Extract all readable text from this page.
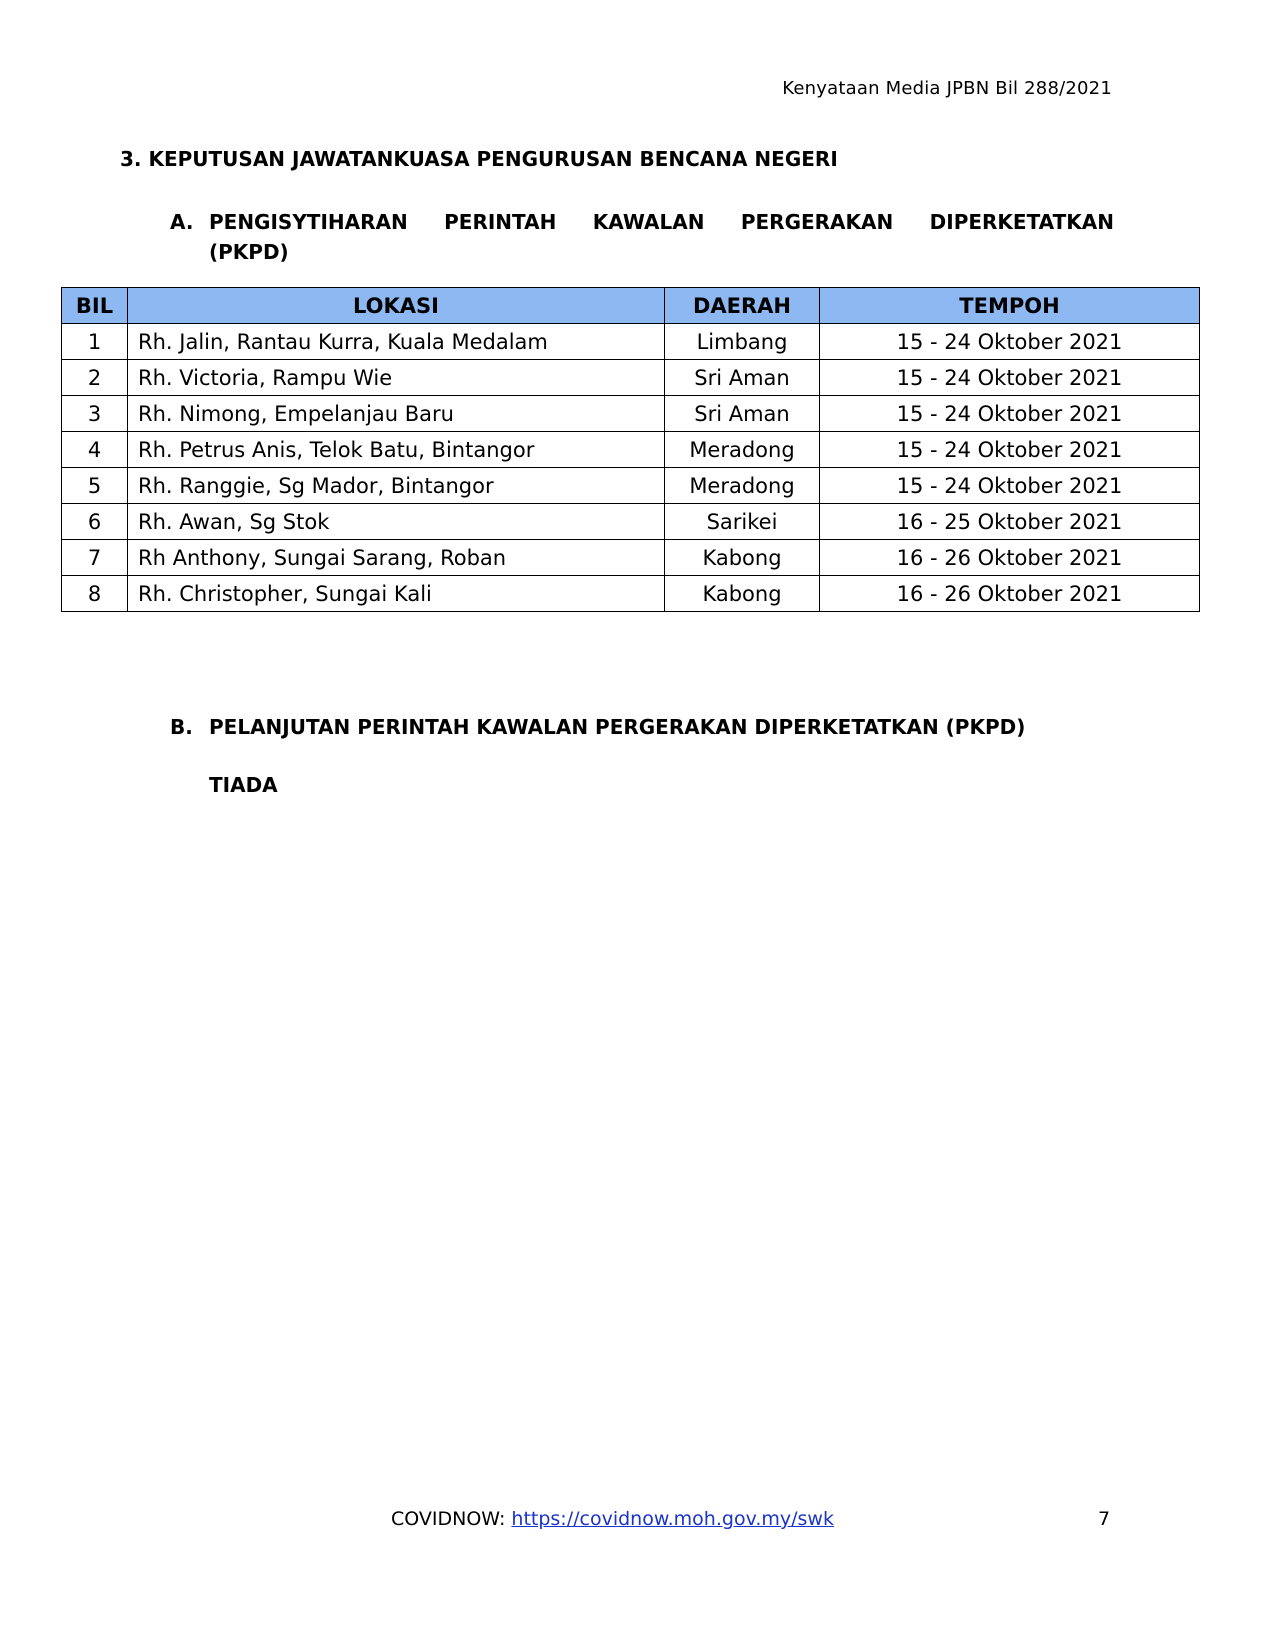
Kenyataan Media JPBN Bil 288/2021
3. KEPUTUSAN JAWATANKUASA PENGURUSAN BENCANA NEGERI
A. PENGISYTIHARAN PERINTAH KAWALAN PERGERAKAN DIPERKETATKAN
(PKPD)
BIL	LOKASI	DAERAH	TEMPOH
1	Rh. Jalin, Rantau Kurra, Kuala Medalam	Limbang	15 - 24 Oktober 2021
2	Rh. Victoria, Rampu Wie	Sri Aman	15 - 24 Oktober 2021
3	Rh. Nimong, Empelanjau Baru	Sri Aman	15 - 24 Oktober 2021
4	Rh. Petrus Anis, Telok Batu, Bintangor	Meradong	15 - 24 Oktober 2021
5	Rh. Ranggie, Sg Mador, Bintangor	Meradong	15 - 24 Oktober 2021
6	Rh. Awan, Sg Stok	Sarikei	16 - 25 Oktober 2021
7	Rh Anthony, Sungai Sarang, Roban	Kabong	16 - 26 Oktober 2021
8	Rh. Christopher, Sungai Kali	Kabong	16 - 26 Oktober 2021
B. PELANJUTAN PERINTAH KAWALAN PERGERAKAN DIPERKETATKAN (PKPD)
TIADA
COVIDNOW: https://covidnow.moh.gov.my/swk	7
